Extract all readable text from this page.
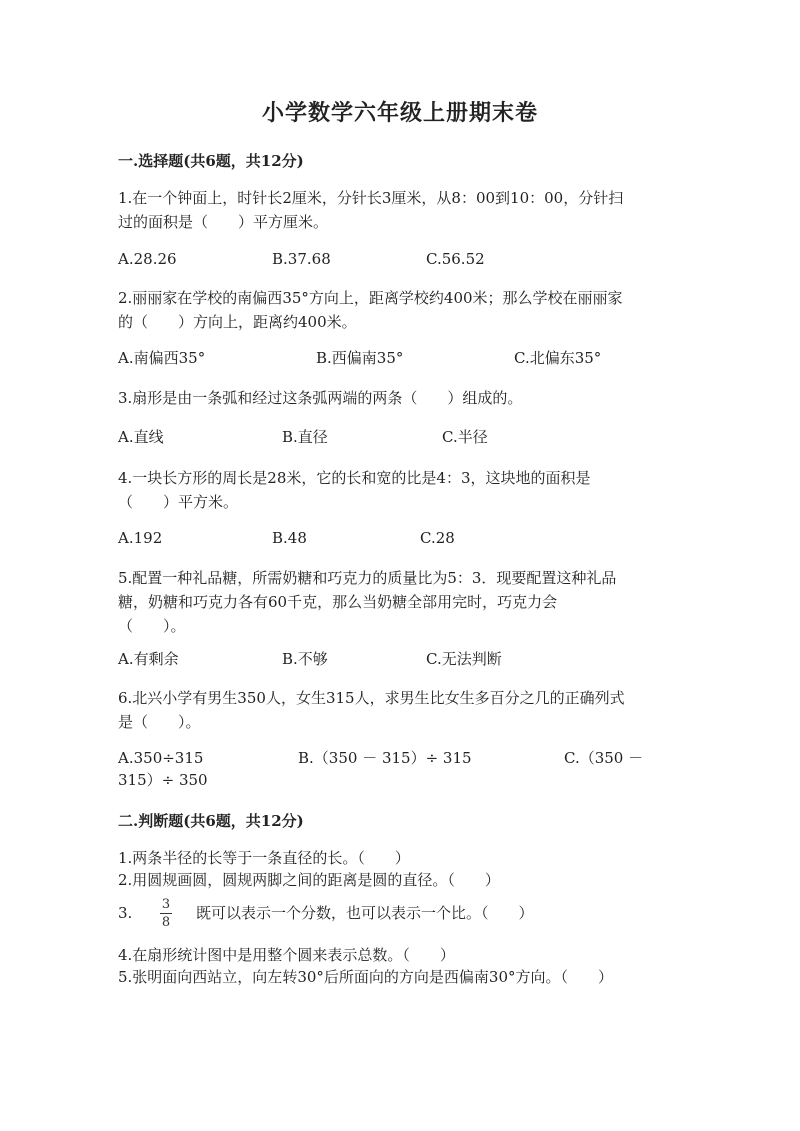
小学数学六年级上册期末卷
一.选择题(共6题，共12分)
1.在一个钟面上，时针长2厘米，分针长3厘米，从8：00到10：00，分针扫
过的面积是（　　）平方厘米。
A.28.26	B.37.68	C.56.52
2.丽丽家在学校的南偏西35°方向上，距离学校约400米；那么学校在丽丽家
的（　　）方向上，距离约400米。
A.南偏西35°	B.西偏南35°	C.北偏东35°
3.扇形是由一条弧和经过这条弧两端的两条（　　）组成的。
A.直线	B.直径	C.半径
4.一块长方形的周长是28米，它的长和宽的比是4：3，这块地的面积是
（　　）平方米。
A.192	B.48	C.28
5.配置一种礼品糖，所需奶糖和巧克力的质量比为5：3．现要配置这种礼品
糖，奶糖和巧克力各有60千克，那么当奶糖全部用完时，巧克力会
（　　）。
A.有剩余	B.不够	C.无法判断
6.北兴小学有男生350人，女生315人，求男生比女生多百分之几的正确列式
是（　　）。
A.350÷315	B.（350 － 315）÷ 315	C.（350 －
315）÷ 350
二.判断题(共6题，共12分)
1.两条半径的长等于一条直径的长。（　　）
2.用圆规画圆，圆规两脚之间的距离是圆的直径。（　　）
3.	既可以表示一个分数，也可以表示一个比。（　　）
3
8
4.在扇形统计图中是用整个圆来表示总数。（　　）
5.张明面向西站立，向左转30°后所面向的方向是西偏南30°方向。（　　）
